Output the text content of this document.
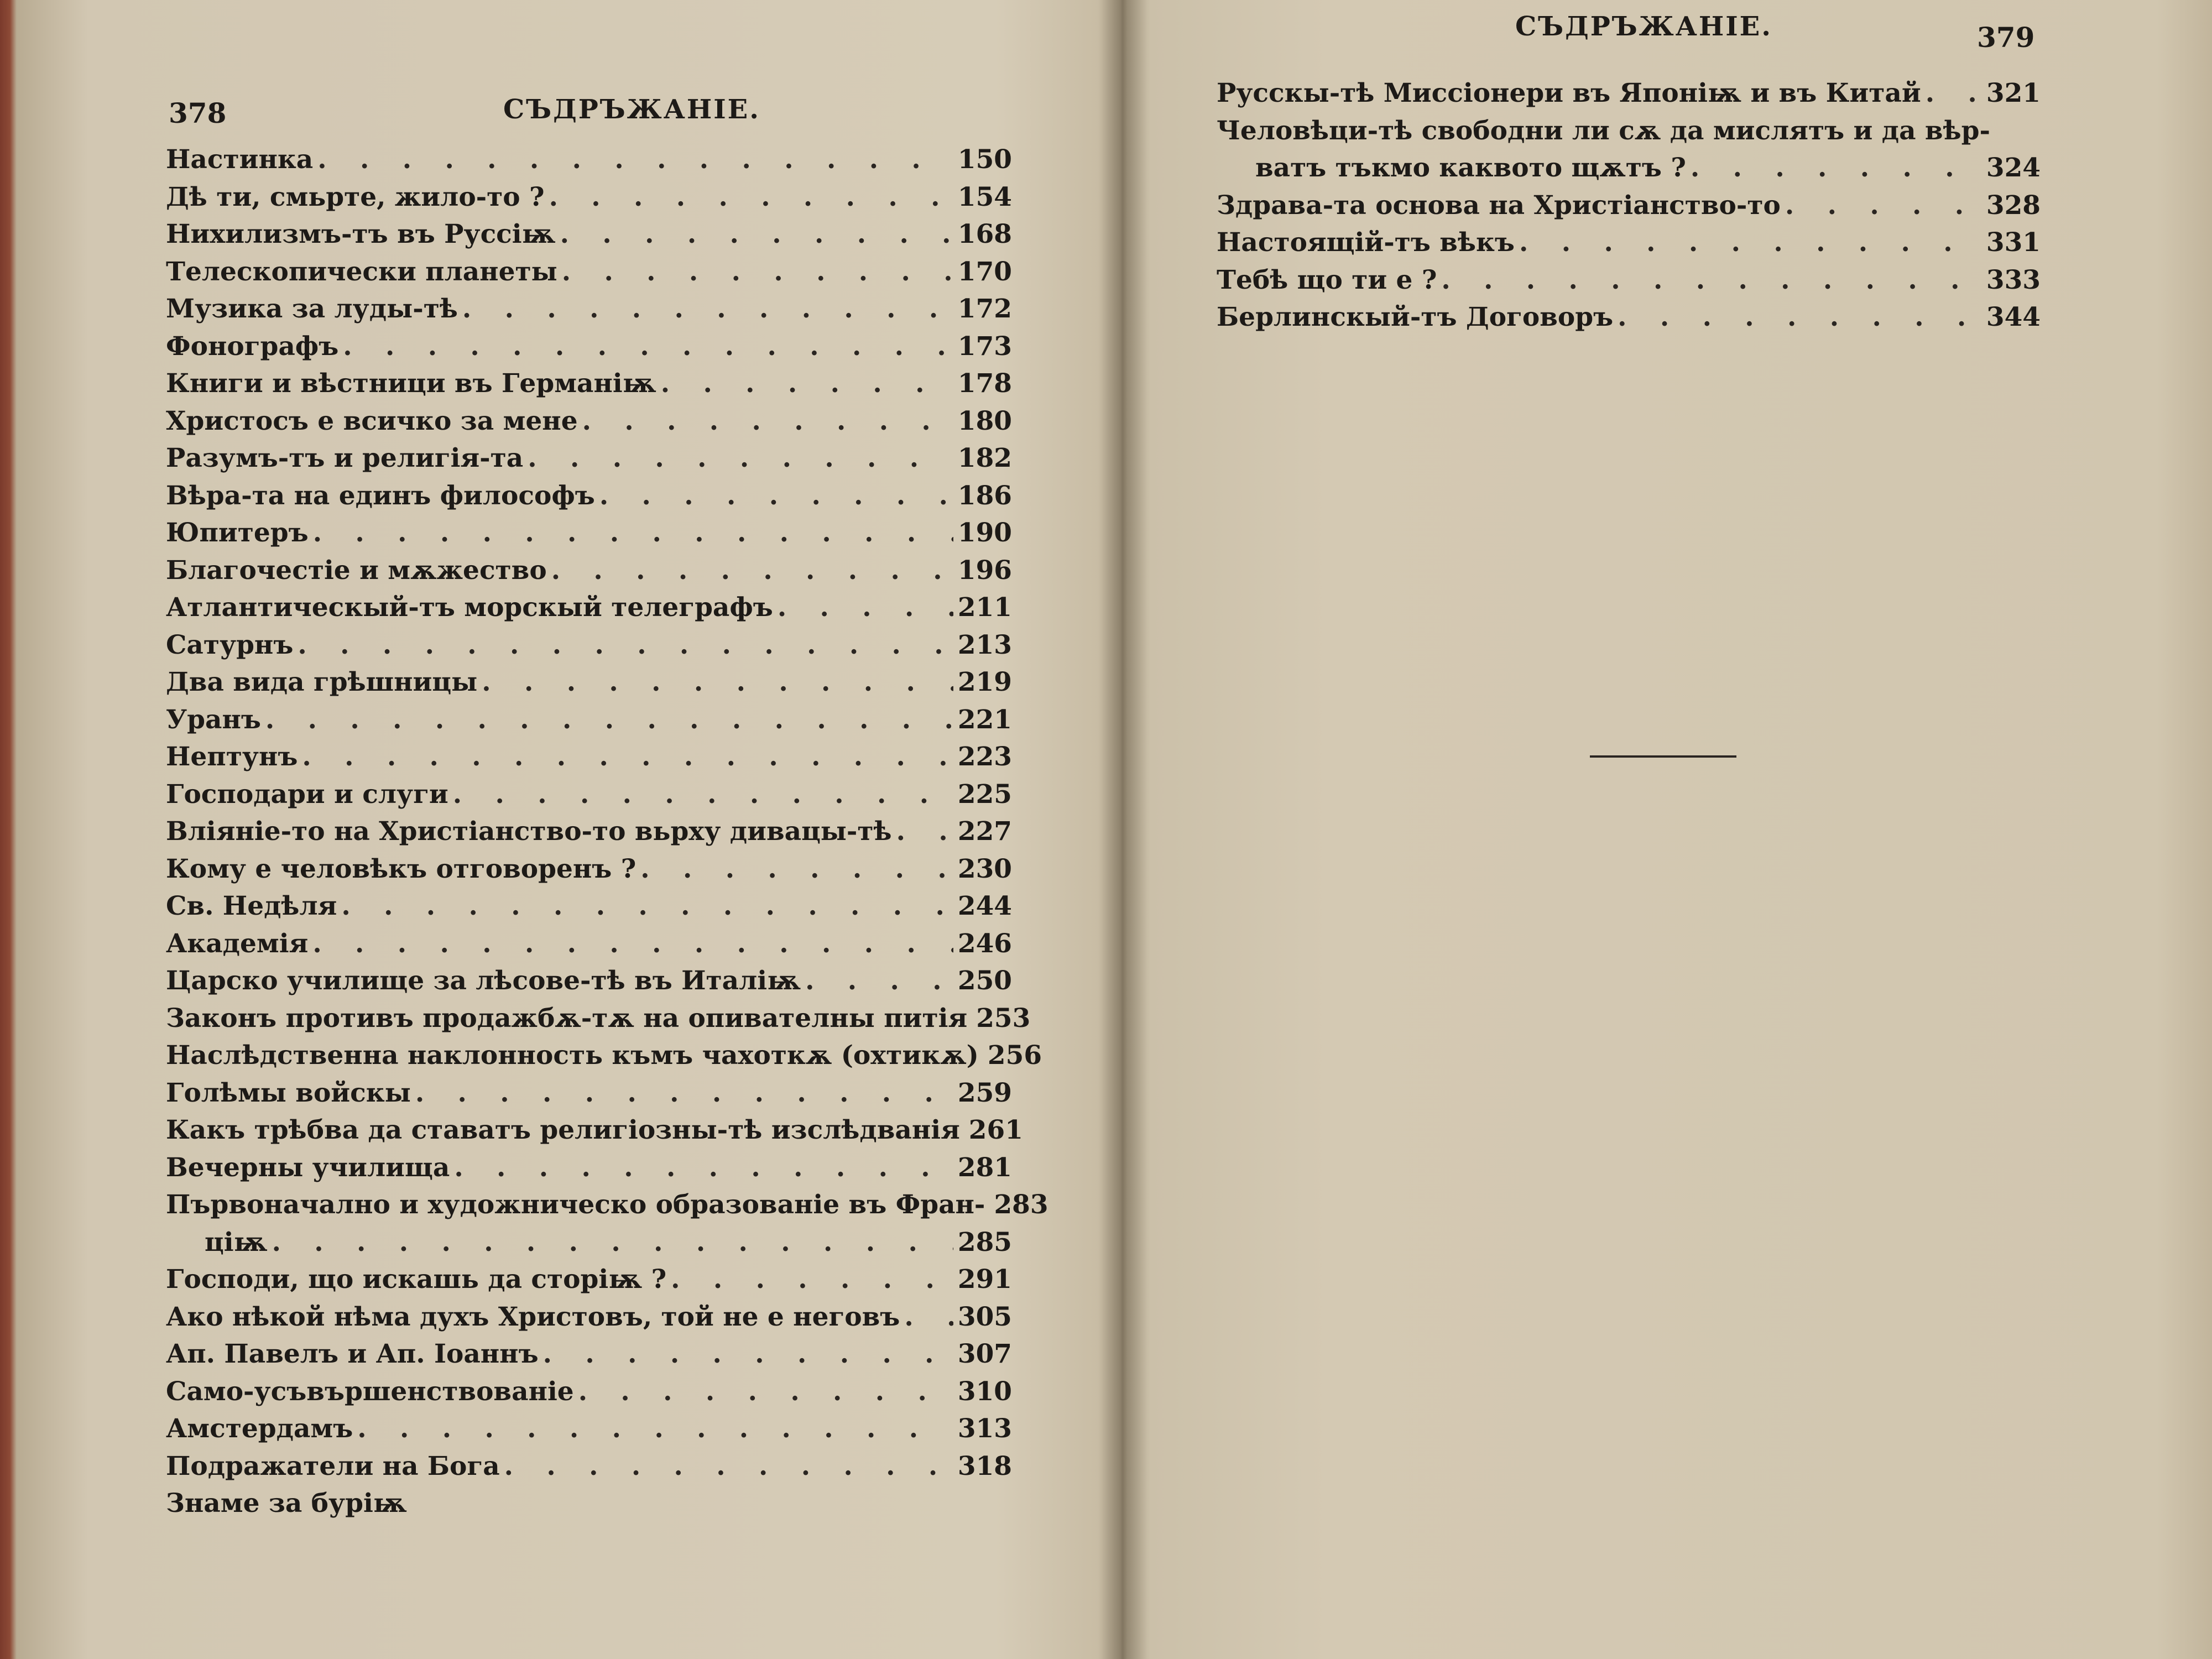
378	СЪДРЪЖАНІЕ.
Настинка . . .	150
Дѣ ти, смьрте, жило-то ? . . .	154
Нихилизмъ-тъ въ Руссіѭ . . .	168
Телескопически планеты . . .	170
Музика за луды-тѣ . . .	172
Фонографъ . . .	173
Книги и вѣстници въ Германіѭ . . .	178
Христосъ е всичко за мене . . .	180
Разумъ-тъ и религія-та . . .	182
Вѣра-та на единъ философъ . . .	186
Юпитеръ . . .	190
Благочестіе и мѫжество . . .	196
Атлантическый-тъ морскый телеграфъ . . .	211
Сатурнъ . . .	213
Два вида грѣшницы . . .	219
Уранъ . . .	221
Нептунъ . . .	223
Господари и слуги . . .	225
Вліяніе-то на Христіанство-то вьрху дивацы-тѣ . . .	227
Кому е человѣкъ отговоренъ ? . . .	230
Св. Недѣля . . .	244
Академія . . .	246
Царско училище за лѣсове-тѣ въ Италіѭ . . .	250
Законъ противъ продажбѫ-тѫ на опивателны питія 253
Наслѣдственна наклонность къмъ чахоткѫ (охтикѫ) 256
Голѣмы войскы . . .	259
Какъ трѣбва да ставатъ религіозны-тѣ изслѣдванія 261
Вечерны училища . . .	281
Първоначално и художническо образованіе въ Фран- 283
ціѭ . . .	285
Господи, що искашь да сторіѭ ? . . .	291
Ако нѣкой нѣма духъ Христовъ, той не е неговъ . . . 305
Ап. Павелъ и Ап. Іоаннъ . . .	307
Само-усъвършенствованіе . . .	310
Амстердамъ . . .	313
Подражатели на Бога . . .	318
Знаме за буріѭ
СЪДРЪЖАНІЕ.	379
Русскы-тѣ Миссіонери въ Японіѭ и въ Китай . . .	321
Человѣци-тѣ свободни ли сѫ да мислятъ и да вѣр-
ватъ тъкмо каквото щѫтъ ? . . .	324
Здрава-та основа на Христіанство-то . . .	328
Настоящій-тъ вѣкъ . . .	331
Тебѣ що ти е ? . . .	333
Берлинскый-тъ Договоръ . . .	344
